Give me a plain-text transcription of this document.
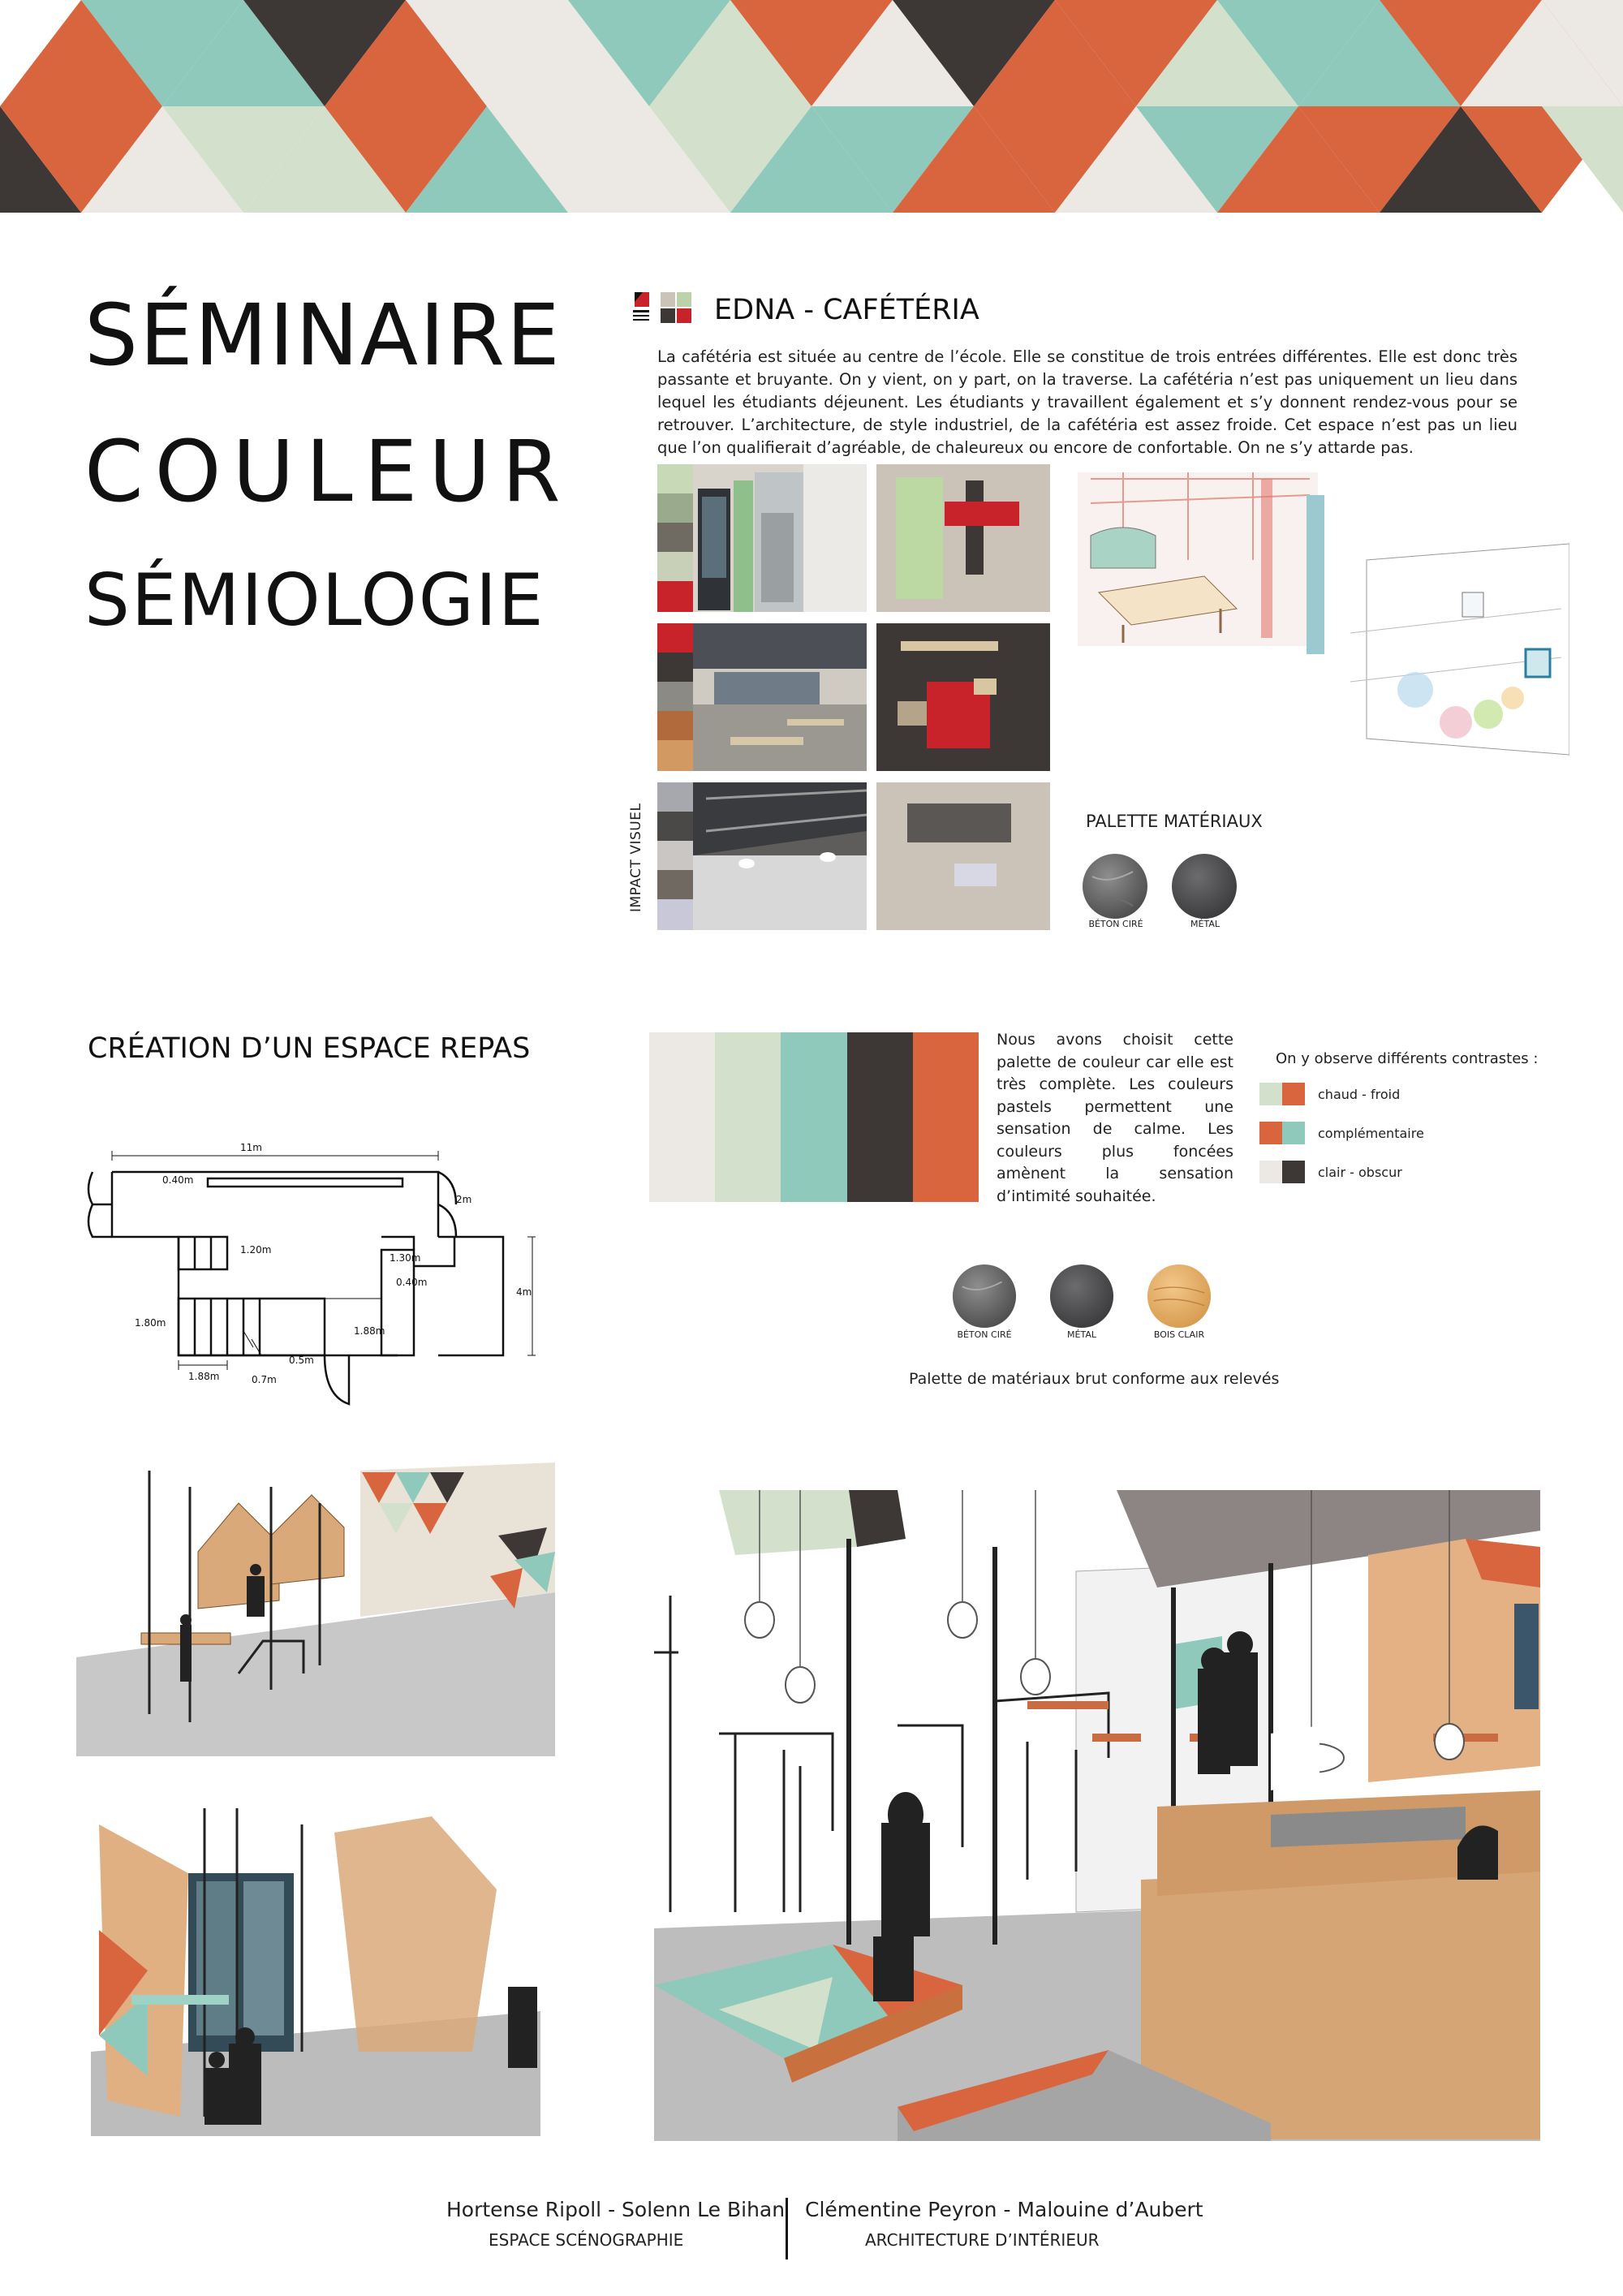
SÉMINAIRE
COULEUR
SÉMIOLOGIE
EDNA - CAFÉTÉRIA
La cafétéria est située au centre de l’école. Elle se constitue de trois entrées différentes. Elle est donc très passante et bruyante. On y vient, on y part, on la traverse. La cafétéria n’est pas uniquement un lieu dans lequel les étudiants déjeunent. Les étudiants y travaillent également et s’y donnent rendez-vous pour se retrouver. L’architecture, de style industriel, de la cafétéria est assez froide. Cet espace n’est pas un lieu que l’on qualifierait d’agréable, de chaleureux ou encore de confortable. On ne s’y attarde pas.
IMPACT VISUEL	PALETTE MATÉRIAUX
BÉTON CIRÉ	MÉTAL
CRÉATION D’UN ESPACE REPAS
11m
0.40m
2m
1.20m
1.30m
0.40m
4m
1.80m
1.88m
1.88m
0.5m
0.7m
Nous avons choisit cette palette de couleur car elle est très complète. Les couleurs pastels permettent une sensation de calme. Les couleurs plus foncées amènent la sensation d’intimité souhaitée.
On y observe différents contrastes :
chaud - froid
complémentaire
clair - obscur
BÉTON CIRÉ	MÉTAL	BOIS CLAIR
Palette de matériaux brut conforme aux relevés
Hortense Ripoll - Solenn Le Bihan
ESPACE SCÉNOGRAPHIE
Clémentine Peyron - Malouine d’Aubert
ARCHITECTURE D’INTÉRIEUR
